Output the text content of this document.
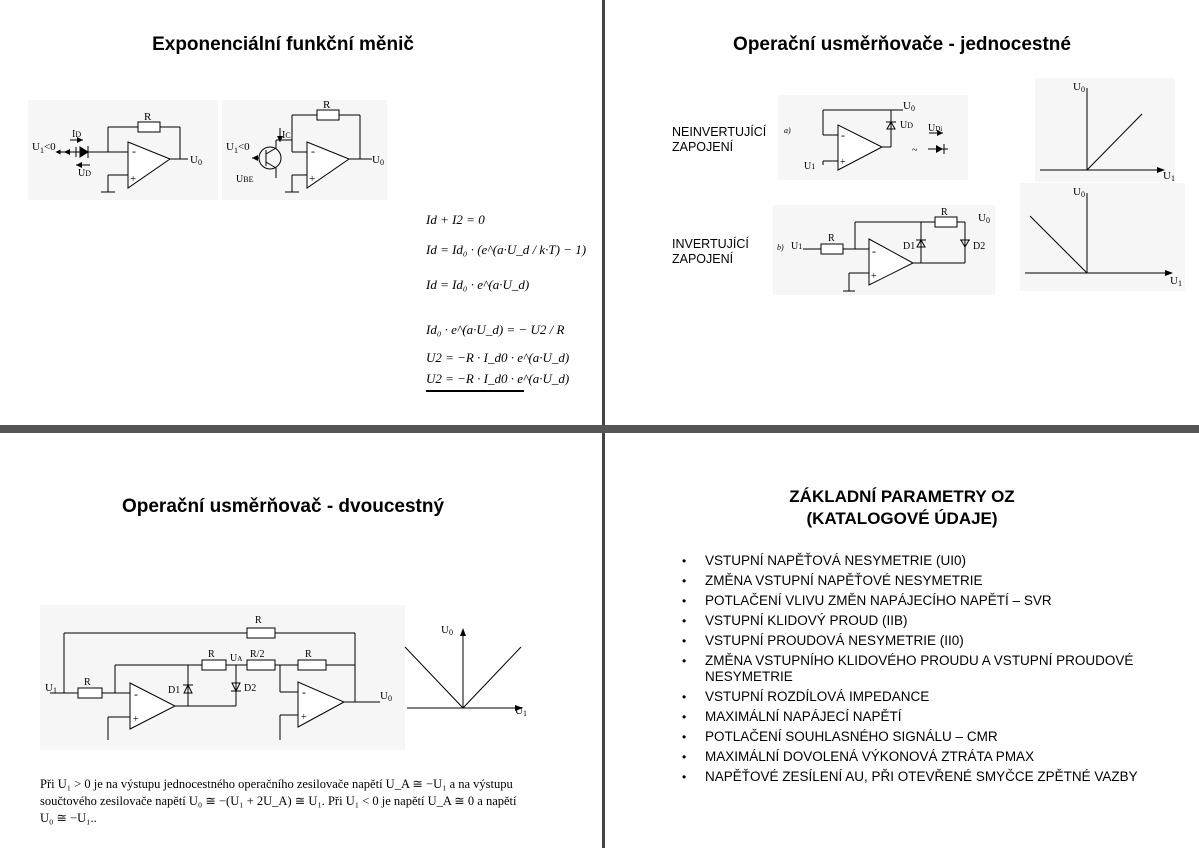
Exponenciální funkční měnič
R
$U_1<0$
ID
UD
-
+
U0
R
$U_1<0$
IC
UBE
-
+
U0
Id + I2 = 0
Id = Id₀ · (e^(a·U_d / k·T) − 1)
Id = Id₀ · e^(a·U_d)
Id₀ · e^(a·U_d) = − U2 / R
U2 = −R · I_d0 · e^(a·U_d)
U2 = −R · I_d0 · e^(a·U_d)
Operační usměrňovače - jednocestné
NEINVERTUJÍCÍ
ZAPOJENÍ
INVERTUJÍCÍ
ZAPOJENÍ
a)
U0
UD UDi
~
U1
-
+
U0
U1
b) U1
R
R
D1	D2
U0
-
+
U0
U1
Operační usměrňovač - dvoucestný
U1
R
R
R UA R/2	R
D1	D2
U0
-
+
-
+
U0
U1
Při U₁ > 0 je na výstupu jednocestného operačního zesilovače napětí U_A ≅ −U₁ a na výstupu součtového zesilovače napětí U₀ ≅ −(U₁ + 2U_A) ≅ U₁. Při U₁ < 0 je napětí U_A ≅ 0 a napětí U₀ ≅ −U₁..
ZÁKLADNÍ PARAMETRY OZ
(KATALOGOVÉ ÚDAJE)
• VSTUPNÍ NAPĚŤOVÁ NESYMETRIE (UI0)
• ZMĚNA VSTUPNÍ NAPĚŤOVÉ NESYMETRIE
• POTLAČENÍ VLIVU ZMĚN NAPÁJECÍHO NAPĚTÍ – SVR
• VSTUPNÍ KLIDOVÝ PROUD (IIB)
• VSTUPNÍ PROUDOVÁ NESYMETRIE (II0)
• ZMĚNA VSTUPNÍHO KLIDOVÉHO PROUDU A VSTUPNÍ PROUDOVÉ NESYMETRIE
• VSTUPNÍ ROZDÍLOVÁ IMPEDANCE
• MAXIMÁLNÍ NAPÁJECÍ NAPĚTÍ
• POTLAČENÍ SOUHLASNÉHO SIGNÁLU – CMR
• MAXIMÁLNÍ DOVOLENÁ VÝKONOVÁ ZTRÁTA PMAX
• NAPĚŤOVÉ ZESÍLENÍ AU, PŘI OTEVŘENÉ SMYČCE ZPĚTNÉ VAZBY
